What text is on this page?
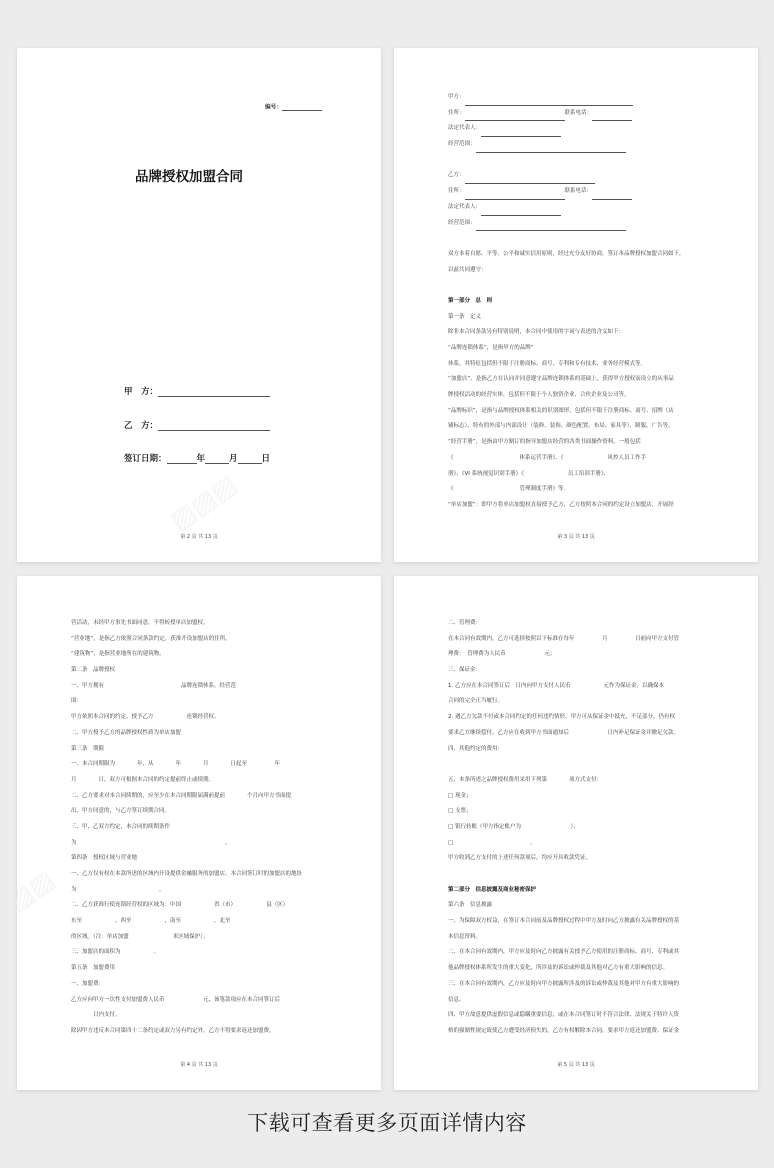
编号：
品牌授权加盟合同
甲　方：
乙　方：
签订日期：	年	月	日
第 2 页 共 13 页
甲方：
住所：	联系电话：
法定代表人：
经营范围：
乙方：
住所：	联系电话：
法定代表人：
经营范围：
双方本着自愿、平等、公平和诚实信用原则，经过充分友好协商，签订本品牌授权加盟合同如下，
以兹共同遵守：
第一部分　总　则
第一条　定义
除非本合同条款另有特别说明，本合同中使用的字词与表述的含义如下：
“品牌连锁体系”，是指甲方的品牌“
体系，其特征包括但不限于注册商标、商号、专利和专有技术、业务经营模式等。
“加盟店”，是指乙方在认同并同意遵守品牌连锁体系的基础上，获得甲方授权而设立的从事品
牌授权活动的经营实体，包括但不限于个人独资企业、合伙企业及公司等。
“品牌标识”，是指与品牌授权体系相关的识别图形，包括但不限于注册商标、商号、招牌（店
铺标志）、特有的外部与内部设计（装修、装饰、颜色配置、布局、家具等）、制服、广告等。
“经营手册”，是指由甲方制订的指导加盟店经营的各类书面操作资料，一般包括
《　　　　　　　　　　　　体系运营手册》、《　　　　　　　　风控人员工作手
册》、《VI 系统视觉识别手册》《　　　　　　　　员工培训手册》、
《　　　　　　　　　　　　管理制度手册》等。
“单店加盟”：即甲方将单店加盟权直接授予乙方，乙方按照本合同的约定设立加盟店，开展经
第 3 页 共 13 页
营活动，未经甲方事先书面同意，不得转授单店加盟权。
“营业地”，是指乙方依照合同条款约定，获准开设加盟店的住所。
“建筑物”，是指营业地所在的建筑物。
第二条　品牌授权
一、甲方拥有　　　　　　　　　　　　　　品牌连锁体系，经营范
围：
甲方依照本合同的约定，授予乙方　　　　　　连锁经营权。
二、甲方授予乙方的品牌授权性质为单店加盟
第三条　期限
一、本合同期限为　　　　年，从　　　　年　　　　月　　　　日起至　　　　　年
月　　　　日，双方可根据本合同的约定提前终止或续期。
二、乙方要求对本合同续期的，应至少在本合同期限届满前提前　　　　个月向甲方书面提
出，甲方同意的，与乙方签订续期合同。
三、甲、乙双方约定，本合同的续期条件
为　　　　　　　　　　　　　　　　　　　　　　　　　　　。
第四条　授权区域与营业地
一、乙方仅有权在本款所述的区域内开设提供金融服务的加盟店。本合同签订时的加盟店的地址
为　　　　　　　　　　　　　　　。
二、乙方获准行使连锁经营权的区域为：中国　　　　　　省（市）　　　　　　县（区）
东至　　　　　　，西至　　　　　　，南至　　　　　　，北至　　　　　　
的区域。（注：单店加盟　　　　　　　　米区域保护）。
三、加盟店的面积为　　　　　　。
第五条　加盟费用
一、加盟费：
乙方应向甲方一次性支付加盟费人民币　　　　　　　元，该笔款项应在本合同签订后
　　　　日内支付。
除因甲方违反本合同第四十二条约定或双方另有约定外，乙方不得要求返还加盟费。
第 4 页 共 13 页
二、管理费：
在本合同有效期内，乙方可选择按照以下标准在每年　　　　　月　　　　　日前向甲方支付管
理费：　管理费为人民币　　　　　　　元；
三、保证金：
1. 乙方应在本合同签订后　日内向甲方支付人民币　　　　　　元作为保证金，以确保本
合同的完全正当履行。
2. 遇乙方欠款不付或本合同约定的任何违约情形，甲方可从保证金中抵充，不足部分，仍有权
要求乙方继续偿付。乙方应在收到甲方书面通知后　　　　　　　日内补足保证金并缴足欠款。
四、其他约定的费用：

五、本条所述之品牌授权费用采用下列第　　　　项方式支付：
□ 现金；
□ 支票；
□ 银行转账（甲方指定账户为　　　　　　　　　）；
□　　　　　　　　　　　　　　。
甲方收到乙方支付的上述任何款项后，均应开具收款凭证。
第二部分　信息披露及商业秘密保护
第六条　信息披露
一、为保障双方权益，在签订本合同前及品牌授权过程中甲方及时向乙方披露有关品牌授权的基
本信息资料。
二、在本合同有效期内，甲方应及时向乙方披露有关授予乙方使用的注册商标、商号、专利或其
他品牌授权体系所发生的重大变化，所涉及的诉讼或仲裁及其他对乙方有重大影响的信息。
三、在本合同有效期内，乙方应及时向甲方披露所涉及的诉讼或仲裁及其他对甲方有重大影响的
信息。
四、甲方故意提供虚假信息或隐瞒重要信息，或在本合同签订时不符合法律、法规关于特许人资
格的强制性规定致使乙方遭受经济损失的，乙方有权解除本合同，要求甲方返还加盟费、保证金
第 5 页 共 13 页
下载可查看更多页面详情内容
